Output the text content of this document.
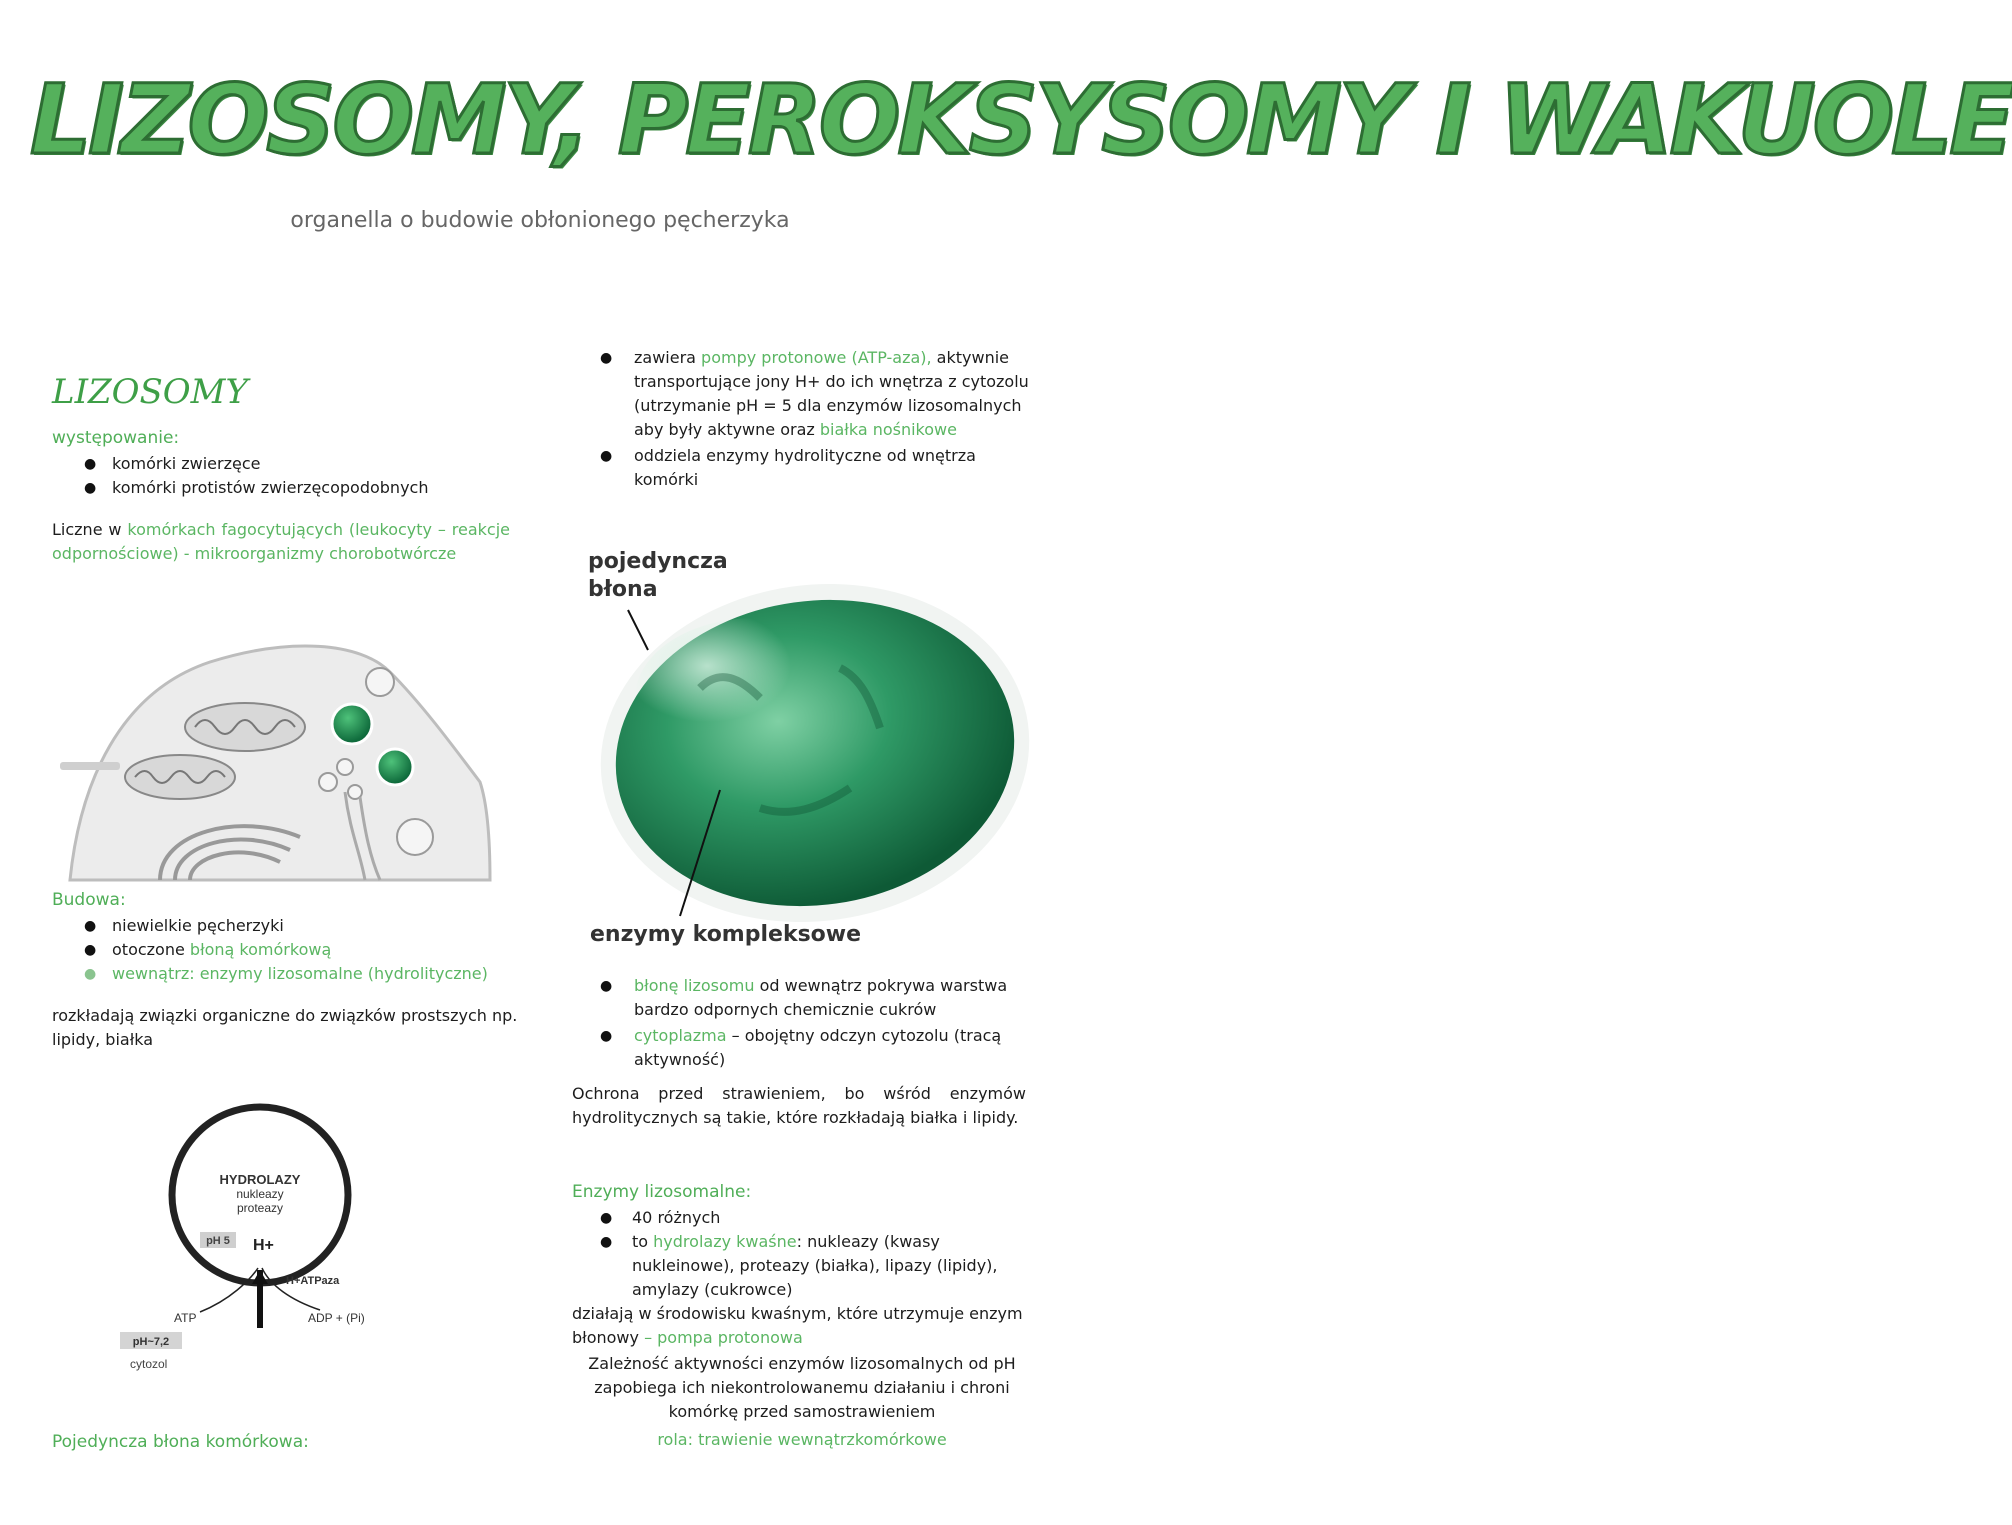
LIZOSOMY, PEROKSYSOMY I WAKUOLE
organella o budowie obłonionego pęcherzyka
LIZOSOMY
występowanie:
● komórki zwierzęce
● komórki protistów zwierzęcopodobnych
Liczne w komórkach fagocytujących (leukocyty – reakcje odpornościowe) - mikroorganizmy chorobotwórcze
Budowa:
● niewielkie pęcherzyki
● otoczone błoną komórkową
● wewnątrz: enzymy lizosomalne (hydrolityczne)
rozkładają związki organiczne do związków prostszych np. lipidy, białka
HYDROLAZY
nukleazy
proteazy
pH 5 H+
H+ATPaza
ATP	ADP + (Pi)
pH~7,2
cytozol
Pojedyncza błona komórkowa:
● zawiera pompy protonowe (ATP-aza), aktywnie transportujące jony H+ do ich wnętrza z cytozolu (utrzymanie pH = 5 dla enzymów lizosomalnych aby były aktywne oraz białka nośnikowe
● oddziela enzymy hydrolityczne od wnętrza komórki
pojedyncza błona
enzymy kompleksowe
● błonę lizosomu od wewnątrz pokrywa warstwa bardzo odpornych chemicznie cukrów
● cytoplazma – obojętny odczyn cytozolu (tracą aktywność)
Ochrona przed strawieniem, bo wśród enzymów hydrolitycznych są takie, które rozkładają białka i lipidy.
Enzymy lizosomalne:
● 40 różnych
● to hydrolazy kwaśne: nukleazy (kwasy nukleinowe), proteazy (białka), lipazy (lipidy), amylazy (cukrowce)
działają w środowisku kwaśnym, które utrzymuje enzym błonowy – pompa protonowa
Zależność aktywności enzymów lizosomalnych od pH zapobiega ich niekontrolowanemu działaniu i chroni komórkę przed samostrawieniem
rola: trawienie wewnątrzkomórkowe
